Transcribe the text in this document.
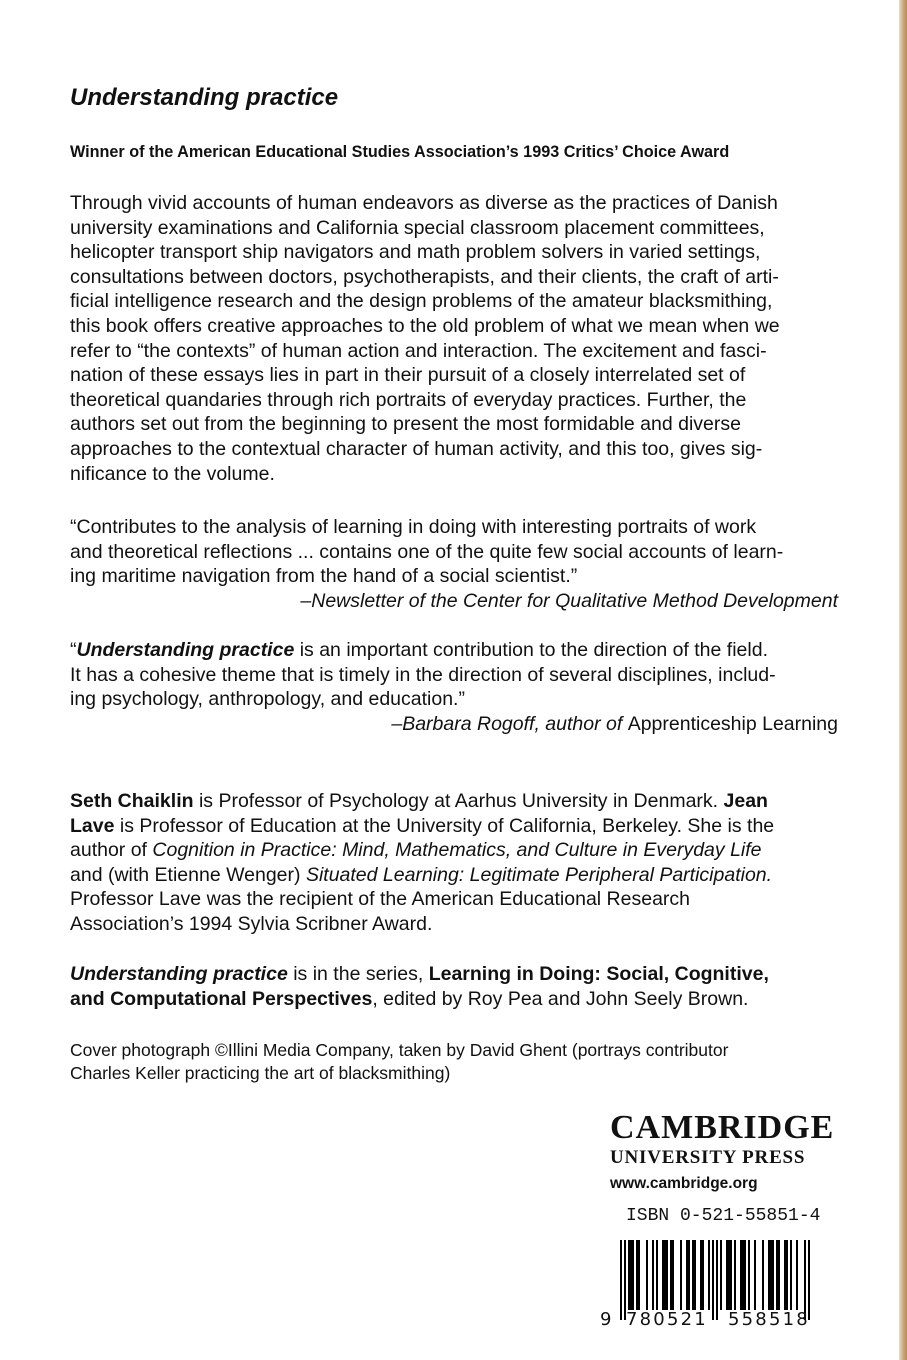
Understanding practice
Winner of the American Educational Studies Association’s 1993 Critics’ Choice Award
Through vivid accounts of human endeavors as diverse as the practices of Danish
university examinations and California special classroom placement committees,
helicopter transport ship navigators and math problem solvers in varied settings,
consultations between doctors, psychotherapists, and their clients, the craft of arti-
ficial intelligence research and the design problems of the amateur blacksmithing,
this book offers creative approaches to the old problem of what we mean when we
refer to “the contexts” of human action and interaction. The excitement and fasci-
nation of these essays lies in part in their pursuit of a closely interrelated set of
theoretical quandaries through rich portraits of everyday practices. Further, the
authors set out from the beginning to present the most formidable and diverse
approaches to the contextual character of human activity, and this too, gives sig-
nificance to the volume.
“Contributes to the analysis of learning in doing with interesting portraits of work
and theoretical reflections ... contains one of the quite few social accounts of learn-
ing maritime navigation from the hand of a social scientist.”
–Newsletter of the Center for Qualitative Method Development
“Understanding practice is an important contribution to the direction of the field.
It has a cohesive theme that is timely in the direction of several disciplines, includ-
ing psychology, anthropology, and education.”
–Barbara Rogoff, author of Apprenticeship Learning
Seth Chaiklin is Professor of Psychology at Aarhus University in Denmark. Jean
Lave is Professor of Education at the University of California, Berkeley. She is the
author of Cognition in Practice: Mind, Mathematics, and Culture in Everyday Life
and (with Etienne Wenger) Situated Learning: Legitimate Peripheral Participation.
Professor Lave was the recipient of the American Educational Research
Association’s 1994 Sylvia Scribner Award.
Understanding practice is in the series, Learning in Doing: Social, Cognitive,
and Computational Perspectives, edited by Roy Pea and John Seely Brown.
Cover photograph ©Illini Media Company, taken by David Ghent (portrays contributor
Charles Keller practicing the art of blacksmithing)
CAMBRIDGE
UNIVERSITY PRESS
www.cambridge.org
ISBN 0-521-55851-4
9 780521 558518
